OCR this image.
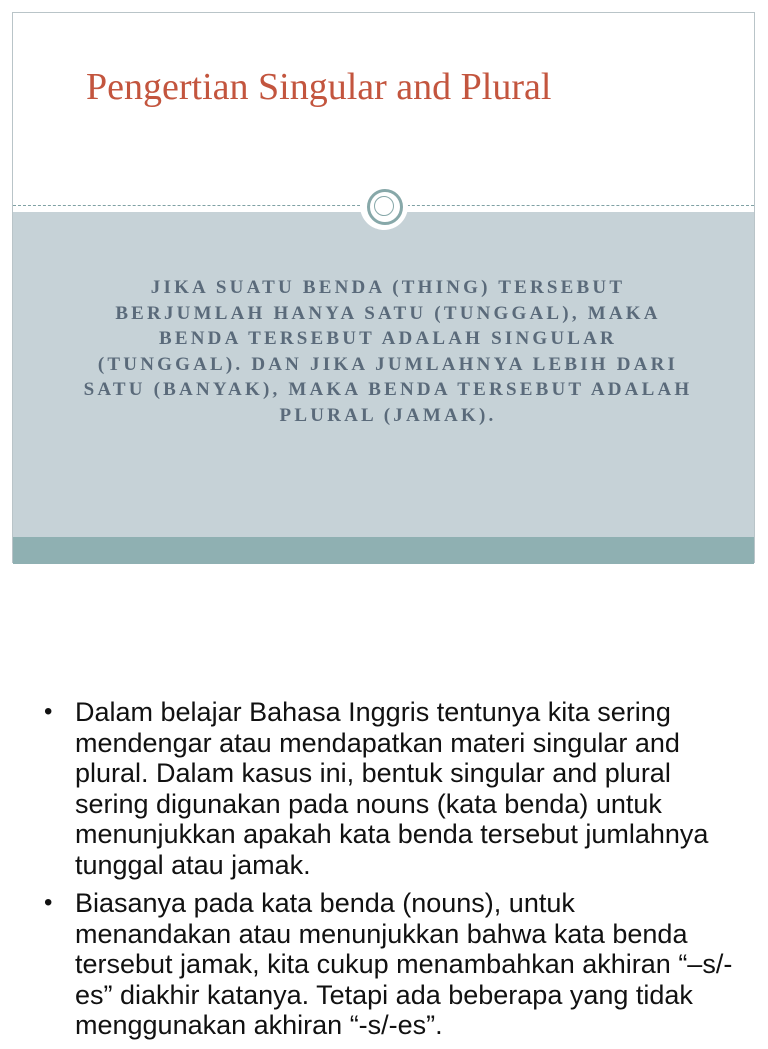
Pengertian Singular and Plural

JIKA SUATU BENDA (THING) TERSEBUT BERJUMLAH HANYA SATU (TUNGGAL), MAKA BENDA TERSEBUT ADALAH SINGULAR (TUNGGAL). DAN JIKA JUMLAHNYA LEBIH DARI SATU (BANYAK), MAKA BENDA TERSEBUT ADALAH PLURAL (JAMAK).

• Dalam belajar Bahasa Inggris tentunya kita sering mendengar atau mendapatkan materi singular and plural. Dalam kasus ini, bentuk singular and plural sering digunakan pada nouns (kata benda) untuk menunjukkan apakah kata benda tersebut jumlahnya tunggal atau jamak.
• Biasanya pada kata benda (nouns), untuk menandakan atau menunjukkan bahwa kata benda tersebut jamak, kita cukup menambahkan akhiran “–s/-es” diakhir katanya. Tetapi ada beberapa yang tidak menggunakan akhiran “-s/-es”.
